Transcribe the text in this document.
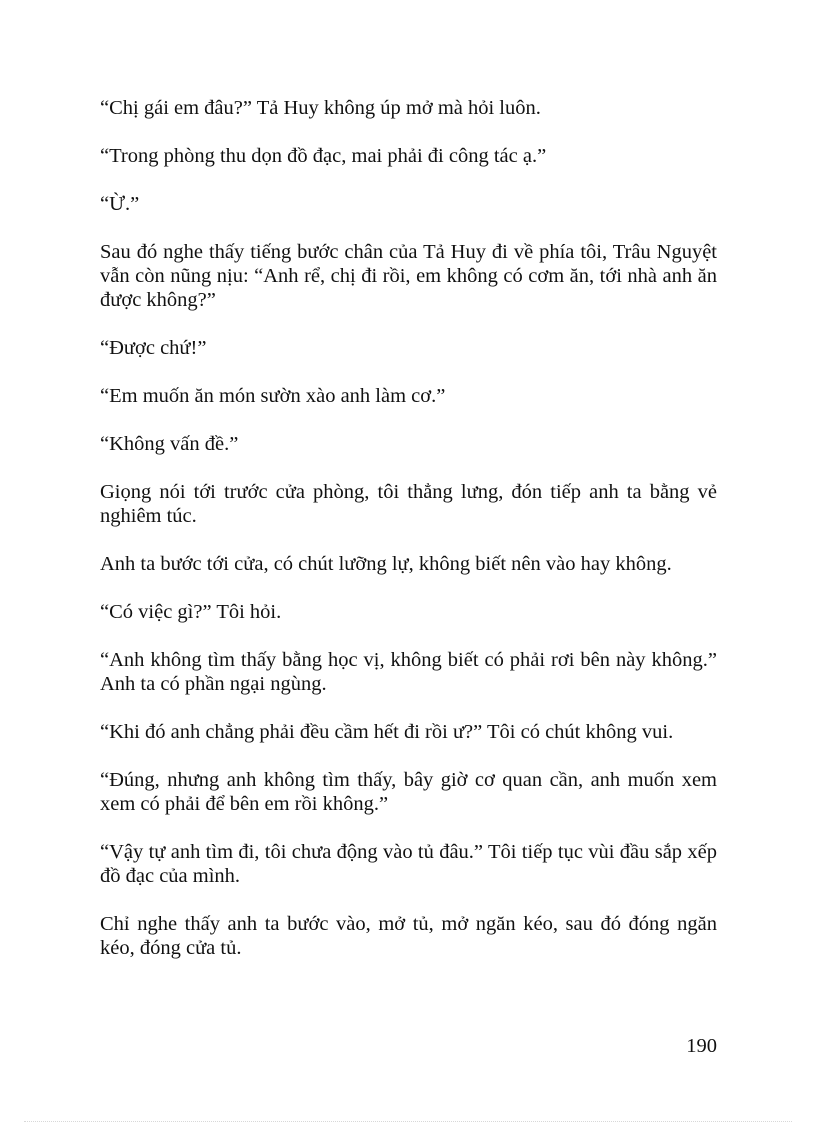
“Chị gái em đâu?” Tả Huy không úp mở mà hỏi luôn.

“Trong phòng thu dọn đồ đạc, mai phải đi công tác ạ.”

“Ừ.”

Sau đó nghe thấy tiếng bước chân của Tả Huy đi về phía tôi, Trâu Nguyệt vẫn còn nũng nịu: “Anh rể, chị đi rồi, em không có cơm ăn, tới nhà anh ăn được không?”

“Được chứ!”

“Em muốn ăn món sườn xào anh làm cơ.”

“Không vấn đề.”

Giọng nói tới trước cửa phòng, tôi thẳng lưng, đón tiếp anh ta bằng vẻ nghiêm túc.

Anh ta bước tới cửa, có chút lưỡng lự, không biết nên vào hay không.

“Có việc gì?” Tôi hỏi.

“Anh không tìm thấy bằng học vị, không biết có phải rơi bên này không.” Anh ta có phần ngại ngùng.

“Khi đó anh chẳng phải đều cầm hết đi rồi ư?” Tôi có chút không vui.

“Đúng, nhưng anh không tìm thấy, bây giờ cơ quan cần, anh muốn xem xem có phải để bên em rồi không.”

“Vậy tự anh tìm đi, tôi chưa động vào tủ đâu.” Tôi tiếp tục vùi đầu sắp xếp đồ đạc của mình.

Chỉ nghe thấy anh ta bước vào, mở tủ, mở ngăn kéo, sau đó đóng ngăn kéo, đóng cửa tủ.

190
